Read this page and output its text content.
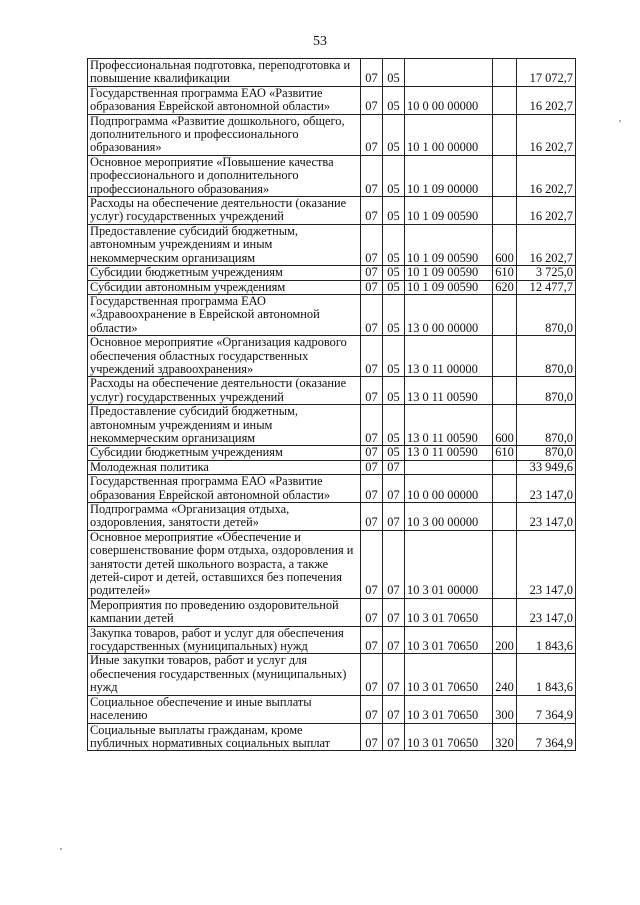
53
Профессиональная подготовка, переподготовка и повышение квалификации	07	05			17 072,7
Государственная программа ЕАО «Развитие образования Еврейской автономной области»	07	05	10 0 00 00000		16 202,7
Подпрограмма «Развитие дошкольного, общего, дополнительного и профессионального образования»	07	05	10 1 00 00000		16 202,7
Основное мероприятие «Повышение качества профессионального и дополнительного профессионального образования»	07	05	10 1 09 00000		16 202,7
Расходы на обеспечение деятельности (оказание услуг) государственных учреждений	07	05	10 1 09 00590		16 202,7
Предоставление субсидий бюджетным, автономным учреждениям и иным некоммерческим организациям	07	05	10 1 09 00590	600	16 202,7
Субсидии бюджетным учреждениям	07	05	10 1 09 00590	610	3 725,0
Субсидии автономным учреждениям	07	05	10 1 09 00590	620	12 477,7
Государственная программа ЕАО «Здравоохранение в Еврейской автономной области»	07	05	13 0 00 00000		870,0
Основное мероприятие «Организация кадрового обеспечения областных государственных учреждений здравоохранения»	07	05	13 0 11 00000		870,0
Расходы на обеспечение деятельности (оказание услуг) государственных учреждений	07	05	13 0 11 00590		870,0
Предоставление субсидий бюджетным, автономным учреждениям и иным некоммерческим организациям	07	05	13 0 11 00590	600	870,0
Субсидии бюджетным учреждениям	07	05	13 0 11 00590	610	870,0
Молодежная политика	07	07			33 949,6
Государственная программа ЕАО «Развитие образования Еврейской автономной области»	07	07	10 0 00 00000		23 147,0
Подпрограмма «Организация отдыха, оздоровления, занятости детей»	07	07	10 3 00 00000		23 147,0
Основное мероприятие «Обеспечение и совершенствование форм отдыха, оздоровления и занятости детей школьного возраста, а также детей-сирот и детей, оставшихся без попечения родителей»	07	07	10 3 01 00000		23 147,0
Мероприятия по проведению оздоровительной кампании детей	07	07	10 3 01 70650		23 147,0
Закупка товаров, работ и услуг для обеспечения государственных (муниципальных) нужд	07	07	10 3 01 70650	200	1 843,6
Иные закупки товаров, работ и услуг для обеспечения государственных (муниципальных) нужд	07	07	10 3 01 70650	240	1 843,6
Социальное обеспечение и иные выплаты населению	07	07	10 3 01 70650	300	7 364,9
Социальные выплаты гражданам, кроме публичных нормативных социальных выплат	07	07	10 3 01 70650	320	7 364,9
